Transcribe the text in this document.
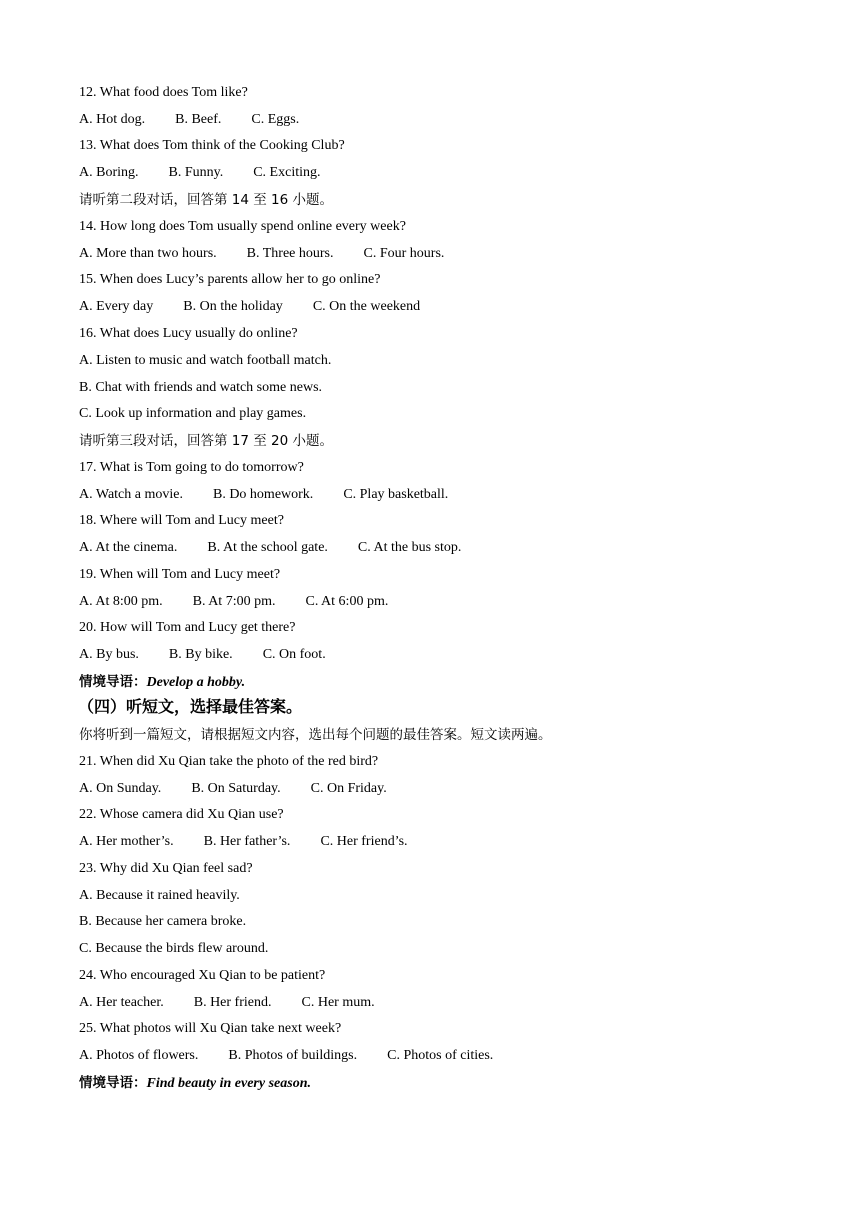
12. What food does Tom like?

A. Hot dog. B. Beef. C. Eggs.

13. What does Tom think of the Cooking Club?

A. Boring. B. Funny. C. Exciting.

请听第二段对话，回答第 14 至 16 小题。

14. How long does Tom usually spend online every week?

A. More than two hours. B. Three hours. C. Four hours.

15. When does Lucy’s parents allow her to go online?

A. Every day B. On the holiday C. On the weekend

16. What does Lucy usually do online?

A. Listen to music and watch football match.

B. Chat with friends and watch some news.

C. Look up information and play games.

请听第三段对话，回答第 17 至 20 小题。

17. What is Tom going to do tomorrow?

A. Watch a movie. B. Do homework. C. Play basketball.

18. Where will Tom and Lucy meet?

A. At the cinema. B. At the school gate. C. At the bus stop.

19. When will Tom and Lucy meet?

A. At 8:00 pm. B. At 7:00 pm. C. At 6:00 pm.

20. How will Tom and Lucy get there?

A. By bus. B. By bike. C. On foot.

情境导语：Develop a hobby.

（四）听短文，选择最佳答案。

你将听到一篇短文，请根据短文内容，选出每个问题的最佳答案。短文读两遍。

21. When did Xu Qian take the photo of the red bird?

A. On Sunday. B. On Saturday. C. On Friday.

22. Whose camera did Xu Qian use?

A. Her mother’s. B. Her father’s. C. Her friend’s.

23. Why did Xu Qian feel sad?

A. Because it rained heavily.

B. Because her camera broke.

C. Because the birds flew around.

24. Who encouraged Xu Qian to be patient?

A. Her teacher. B. Her friend. C. Her mum.

25. What photos will Xu Qian take next week?

A. Photos of flowers. B. Photos of buildings. C. Photos of cities.

情境导语：Find beauty in every season.
